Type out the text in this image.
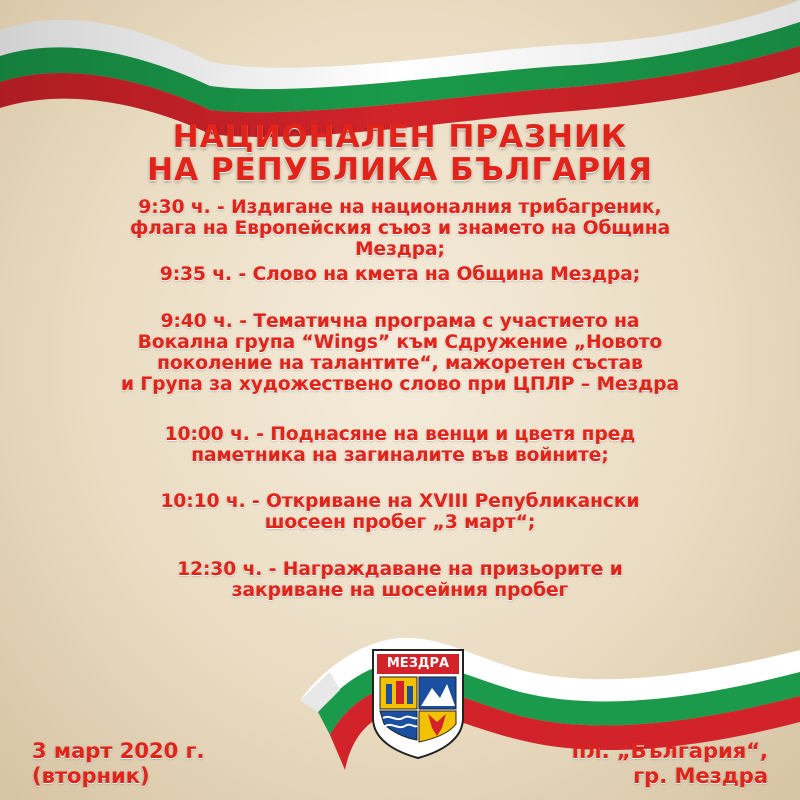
МЕЗДРА
НАЦИОНАЛЕН ПРАЗНИК
НА РЕПУБЛИКА БЪЛГАРИЯ
9:30 ч. - Издигане на националния трибагреник,
флага на Европейския съюз и знамето на Община
Мездра;
9:35 ч. - Слово на кмета на Община Мездра;
9:40 ч. - Тематична програма с участието на
Вокална група “Wings” към Сдружение „Новото
поколение на талантите“, мажоретен състав
и Група за художествено слово при ЦПЛР – Мездра
10:00 ч. - Поднасяне на венци и цветя пред
паметника на загиналите във войните;
10:10 ч. - Откриване на XVIII Републикански
шосеен пробег „3 март“;
12:30 ч. - Награждаване на призьорите и
закриване на шосейния пробег
3 март 2020 г.
(вторник)
пл. „България“,
гр. Мездра
